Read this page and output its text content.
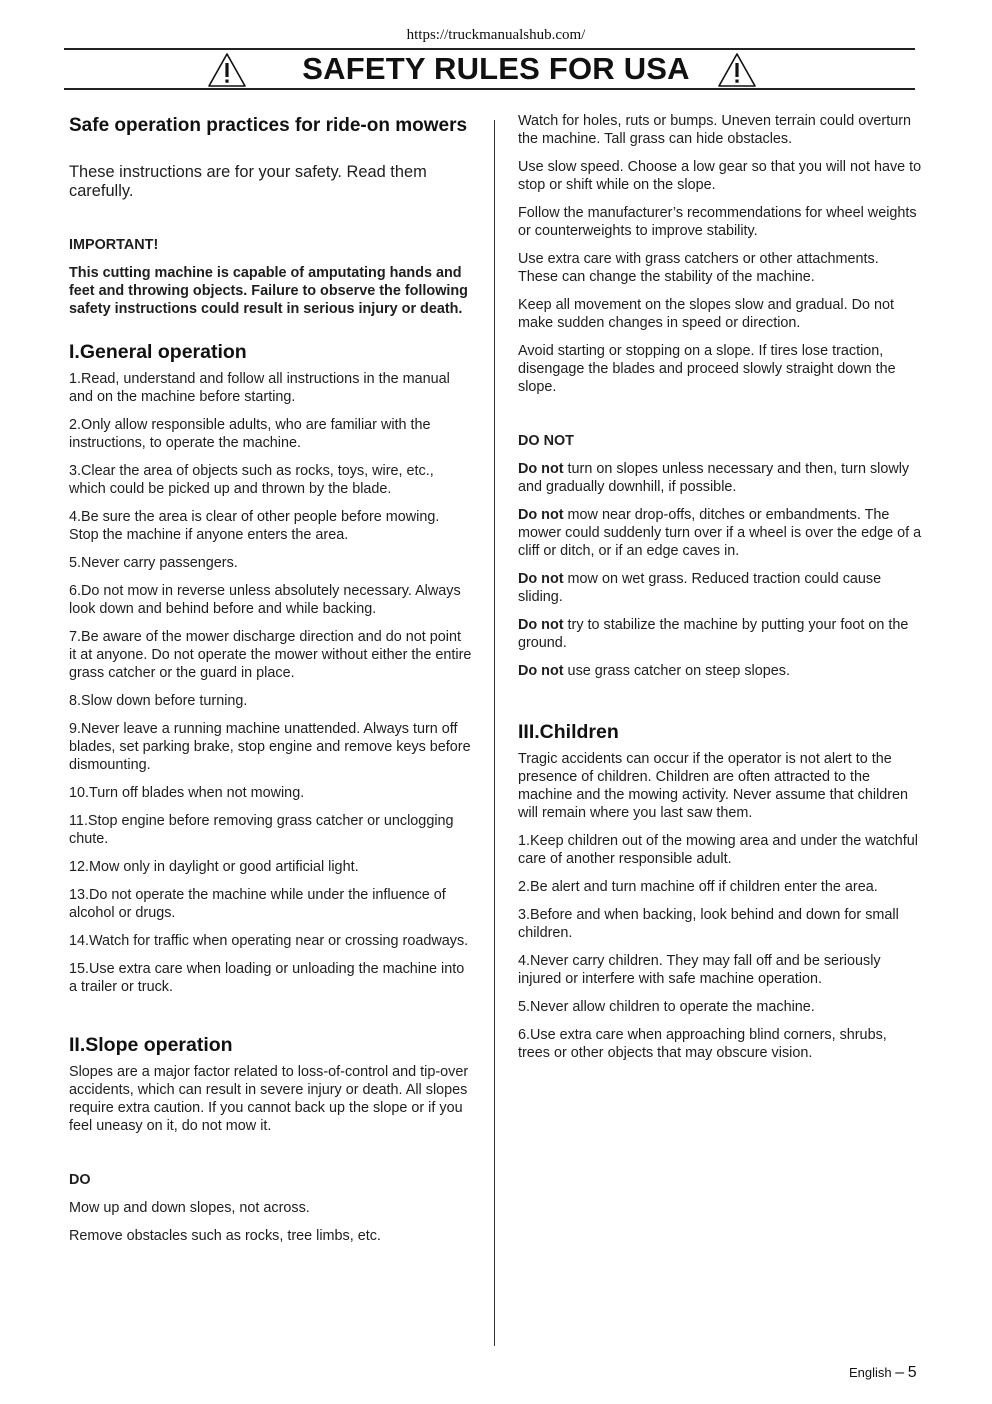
https://truckmanualshub.com/
SAFETY RULES FOR USA
Safe operation practices for ride-on mowers

These instructions are for your safety. Read them carefully.

IMPORTANT!

This cutting machine is capable of amputating hands and feet and throwing objects. Failure to observe the following safety instructions could result in serious injury or death.

I.General operation

1.Read, understand and follow all instructions in the manual and on the machine before starting.

2.Only allow responsible adults, who are familiar with the instructions, to operate the machine.

3.Clear the area of objects such as rocks, toys, wire, etc., which could be picked up and thrown by the blade.

4.Be sure the area is clear of other people before mowing. Stop the machine if anyone enters the area.

5.Never carry passengers.

6.Do not mow in reverse unless absolutely necessary. Always look down and behind before and while backing.

7.Be aware of the mower discharge direction and do not point it at anyone. Do not operate the mower without either the entire grass catcher or the guard in place.

8.Slow down before turning.

9.Never leave a running machine unattended. Always turn off blades, set parking brake, stop engine and remove keys before dismounting.

10.Turn off blades when not mowing.

11.Stop engine before removing grass catcher or unclogging chute.

12.Mow only in daylight or good artificial light.

13.Do not operate the machine while under the influence of alcohol or drugs.

14.Watch for traffic when operating near or crossing roadways.

15.Use extra care when loading or unloading the machine into a trailer or truck.

II.Slope operation

Slopes are a major factor related to loss-of-control and tip-over accidents, which can result in severe injury or death. All slopes require extra caution. If you cannot back up the slope or if you feel uneasy on it, do not mow it.

DO

Mow up and down slopes, not across.

Remove obstacles such as rocks, tree limbs, etc.

Watch for holes, ruts or bumps. Uneven terrain could overturn the machine. Tall grass can hide obstacles.

Use slow speed. Choose a low gear so that you will not have to stop or shift while on the slope.

Follow the manufacturer’s recommendations for wheel weights or counterweights to improve stability.

Use extra care with grass catchers or other attachments. These can change the stability of the machine.

Keep all movement on the slopes slow and gradual. Do not make sudden changes in speed or direction.

Avoid starting or stopping on a slope. If tires lose traction, disengage the blades and proceed slowly straight down the slope.

DO NOT

Do not turn on slopes unless necessary and then, turn slowly and gradually downhill, if possible.

Do not mow near drop-offs, ditches or embandments. The mower could suddenly turn over if a wheel is over the edge of a cliff or ditch, or if an edge caves in.

Do not mow on wet grass. Reduced traction could cause sliding.

Do not try to stabilize the machine by putting your foot on the ground.

Do not use grass catcher on steep slopes.

III.Children

Tragic accidents can occur if the operator is not alert to the presence of children. Children are often attracted to the machine and the mowing activity. Never assume that children will remain where you last saw them.

1.Keep children out of the mowing area and under the watchful care of another responsible adult.

2.Be alert and turn machine off if children enter the area.

3.Before and when backing, look behind and down for small children.

4.Never carry children. They may fall off and be seriously injured or interfere with safe machine operation.

5.Never allow children to operate the machine.

6.Use extra care when approaching blind corners, shrubs, trees or other objects that may obscure vision.

English – 5
